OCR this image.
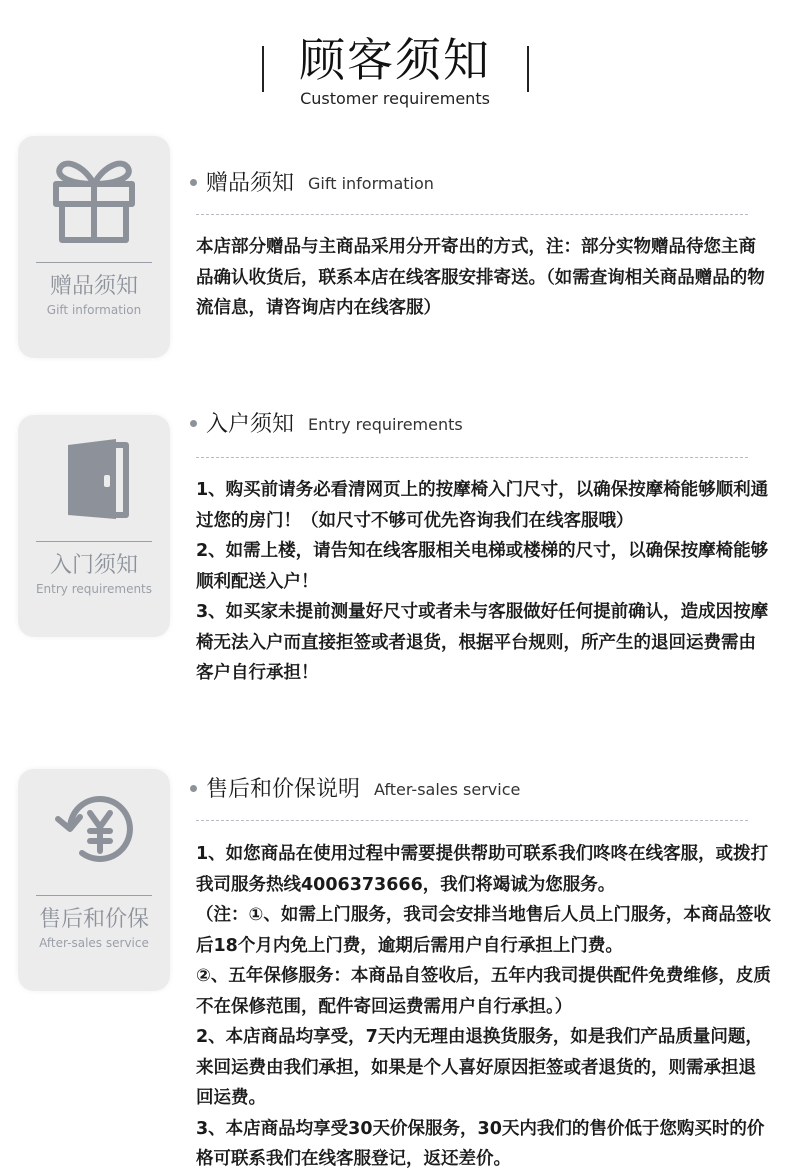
顾客须知
Customer requirements
赠品须知
Gift information
赠品须知 Gift information

本店部分赠品与主商品采用分开寄出的方式，注：部分实物赠品待您主商品确认收货后，联系本店在线客服安排寄送。（如需查询相关商品赠品的物流信息，请咨询店内在线客服）

入门须知
Entry requirements
入户须知 Entry requirements

1、购买前请务必看清网页上的按摩椅入门尺寸，以确保按摩椅能够顺利通过您的房门！（如尺寸不够可优先咨询我们在线客服哦）

2、如需上楼，请告知在线客服相关电梯或楼梯的尺寸，以确保按摩椅能够顺利配送入户！

3、如买家未提前测量好尺寸或者未与客服做好任何提前确认，造成因按摩椅无法入户而直接拒签或者退货，根据平台规则，所产生的退回运费需由客户自行承担！

售后和价保
After-sales service
售后和价保说明 After-sales service

1、如您商品在使用过程中需要提供帮助可联系我们咚咚在线客服，或拨打我司服务热线4006373666，我们将竭诚为您服务。

（注：①、如需上门服务，我司会安排当地售后人员上门服务，本商品签收后18个月内免上门费，逾期后需用户自行承担上门费。

②、五年保修服务：本商品自签收后，五年内我司提供配件免费维修，皮质不在保修范围，配件寄回运费需用户自行承担。）

2、本店商品均享受，7天内无理由退换货服务，如是我们产品质量问题，来回运费由我们承担，如果是个人喜好原因拒签或者退货的，则需承担退回运费。

3、本店商品均享受30天价保服务，30天内我们的售价低于您购买时的价格可联系我们在线客服登记，返还差价。
